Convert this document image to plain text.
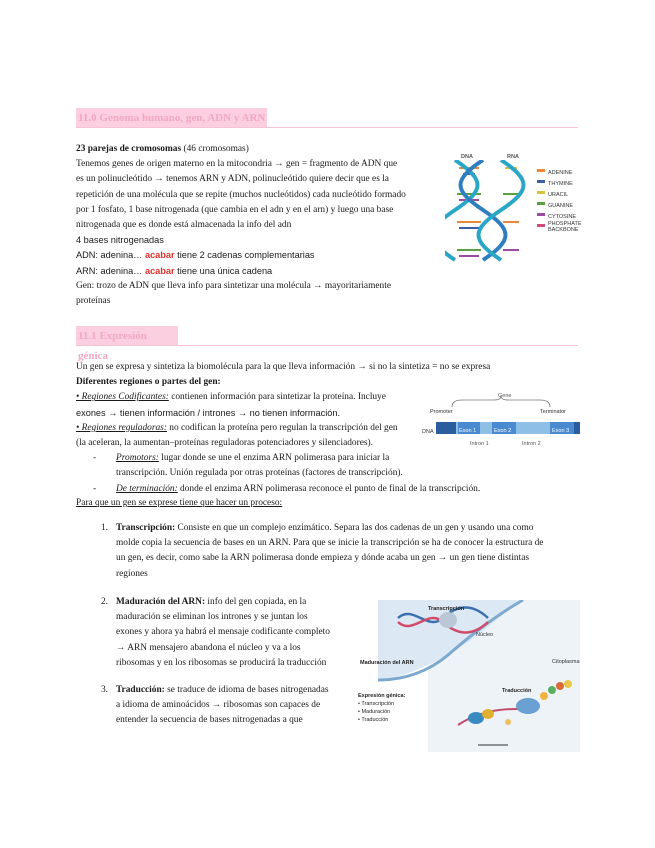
11.0 Genoma humano, gen, ADN y ARN
23 parejas de cromosomas (46 cromosomas)
Tenemos genes de origen materno en la mitocondria → gen = fragmento de ADN que
es un polinucleótido → tenemos ARN y ADN, polinucleótido quiere decir que es la
repetición de una molécula que se repite (muchos nucleótidos) cada nucleótido formado
por 1 fosfato, 1 base nitrogenada (que cambia en el adn y en el arn) y luego una base
nitrogenada que es donde está almacenada la info del adn
4 bases nitrogenadas
ADN: adenina… acabar tiene 2 cadenas complementarias
ARN: adenina… acabar tiene una única cadena
Gen: trozo de ADN que lleva info para sintetizar una molécula → mayoritariamente
proteínas
DNA	RNA
ADENINE
THYMINE
URACIL
GUANINE
CYTOSINE
PHOSPHATE BACKBONE
11.1 Expresión génica
Un gen se expresa y sintetiza la biomolécula para la que lleva información → si no la sintetiza = no se expresa
Diferentes regiones o partes del gen:
• Regiones Codificantes: contienen información para sintetizar la proteína. Incluye
exones → tienen información / intrones → no tienen información.
• Regiones reguladoras: no codifican la proteína pero regulan la transcripción del gen
(la aceleran, la aumentan–proteínas reguladoras potenciadores y silenciadores).
- Promotors: lugar donde se une el enzima ARN polimerasa para iniciar la
transcripción. Unión regulada por otras proteínas (factores de transcripción).
- De terminación: donde el enzima ARN polimerasa reconoce el punto de final de la transcripción.
Gene
Promoter	Terminator
DNA	Exon 1	Exon 2	Exon 3
Intron 1	Intron 2
Para que un gen se exprese tiene que hacer un proceso:
1. Transcripción: Consiste en que un complejo enzimático. Separa las dos cadenas de un gen y usando una como
molde copia la secuencia de bases en un ARN. Para que se inicie la transcripción se ha de conocer la estructura de
un gen, es decir, como sabe la ARN polimerasa donde empieza y dónde acaba un gen → un gen tiene distintas
regiones
2. Maduración del ARN: info del gen copiada, en la
maduración se eliminan los intrones y se juntan los
exones y ahora ya habrá el mensaje codificante completo
→ ARN mensajero abandona el núcleo y va a los
ribosomas y en los ribosomas se producirá la traducción
3. Traducción: se traduce de idioma de bases nitrogenadas
a idioma de aminoácidos → ribosomas son capaces de
entender la secuencia de bases nitrogenadas a que
Transcripción
Núcleo
Maduración del ARN	Citoplasma
Traducción
Expresión génica:
• Transcripción
• Maduración
• Traducción
